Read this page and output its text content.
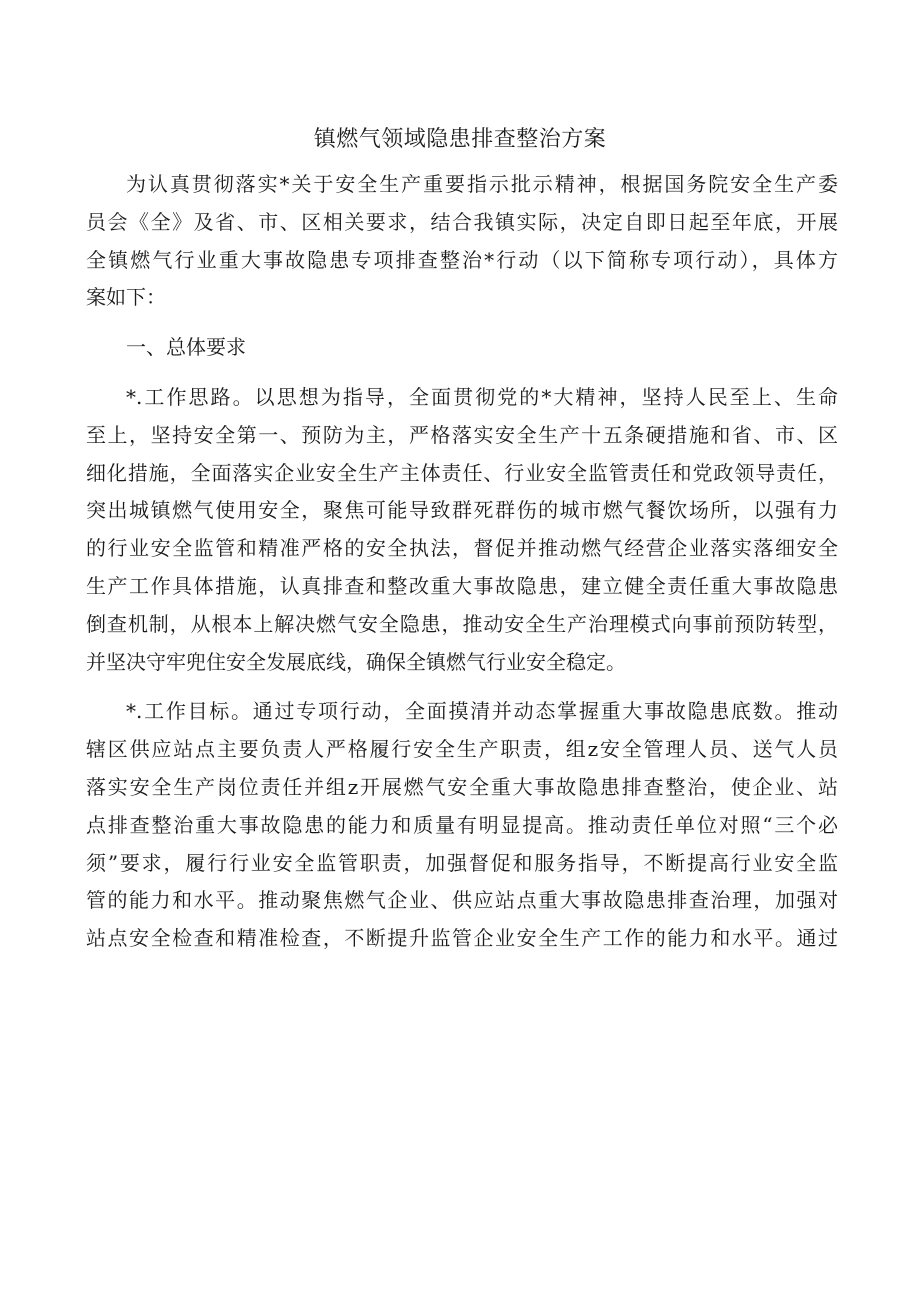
镇燃气领域隐患排查整治方案
为认真贯彻落实*关于安全生产重要指示批示精神，根据国务院安全生产委
员会《全》及省、市、区相关要求，结合我镇实际，决定自即日起至年底，开展
全镇燃气行业重大事故隐患专项排查整治*行动（以下简称专项行动），具体方
案如下：
一、总体要求
*.工作思路。以思想为指导，全面贯彻党的*大精神，坚持人民至上、生命
至上，坚持安全第一、预防为主，严格落实安全生产十五条硬措施和省、市、区
细化措施，全面落实企业安全生产主体责任、行业安全监管责任和党政领导责任，
突出城镇燃气使用安全，聚焦可能导致群死群伤的城市燃气餐饮场所，以强有力
的行业安全监管和精准严格的安全执法，督促并推动燃气经营企业落实落细安全
生产工作具体措施，认真排查和整改重大事故隐患，建立健全责任重大事故隐患
倒查机制，从根本上解决燃气安全隐患，推动安全生产治理模式向事前预防转型，
并坚决守牢兜住安全发展底线，确保全镇燃气行业安全稳定。
*.工作目标。通过专项行动，全面摸清并动态掌握重大事故隐患底数。推动
辖区供应站点主要负责人严格履行安全生产职责，组z安全管理人员、送气人员
落实安全生产岗位责任并组z开展燃气安全重大事故隐患排查整治，使企业、站
点排查整治重大事故隐患的能力和质量有明显提高。推动责任单位对照“三个必
须”要求，履行行业安全监管职责，加强督促和服务指导，不断提高行业安全监
管的能力和水平。推动聚焦燃气企业、供应站点重大事故隐患排查治理，加强对
站点安全检查和精准检查，不断提升监管企业安全生产工作的能力和水平。通过
